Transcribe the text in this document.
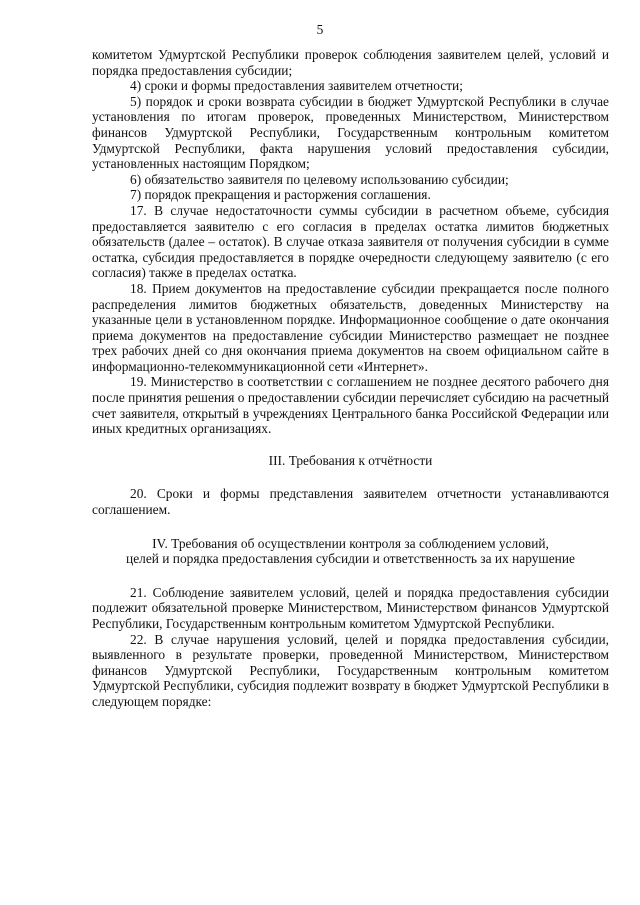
5

комитетом Удмуртской Республики проверок соблюдения заявителем целей, условий и порядка предоставления субсидии;

4) сроки и формы предоставления заявителем отчетности;

5) порядок и сроки возврата субсидии в бюджет Удмуртской Республики в случае установления по итогам проверок, проведенных Министерством, Министерством финансов Удмуртской Республики, Государственным контрольным комитетом Удмуртской Республики, факта нарушения условий предоставления субсидии, установленных настоящим Порядком;

6) обязательство заявителя по целевому использованию субсидии;

7) порядок прекращения и расторжения соглашения.

17. В случае недостаточности суммы субсидии в расчетном объеме, субсидия предоставляется заявителю с его согласия в пределах остатка лимитов бюджетных обязательств (далее – остаток). В случае отказа заявителя от получения субсидии в сумме остатка, субсидия предоставляется в порядке очередности следующему заявителю (с его согласия) также в пределах остатка.

18. Прием документов на предоставление субсидии прекращается после полного распределения лимитов бюджетных обязательств, доведенных Министерству на указанные цели в установленном порядке. Информационное сообщение о дате окончания приема документов на предоставление субсидии Министерство размещает не позднее трех рабочих дней со дня окончания приема документов на своем официальном сайте в информационно-телекоммуникационной сети «Интернет».

19. Министерство в соответствии с соглашением не позднее десятого рабочего дня после принятия решения о предоставлении субсидии перечисляет субсидию на расчетный счет заявителя, открытый в учреждениях Центрального банка Российской Федерации или иных кредитных организациях.

III. Требования к отчётности

20. Сроки и формы представления заявителем отчетности устанавливаются соглашением.

IV. Требования об осуществлении контроля за соблюдением условий,

целей и порядка предоставления субсидии и ответственность за их нарушение

21. Соблюдение заявителем условий, целей и порядка предоставления субсидии подлежит обязательной проверке Министерством, Министерством финансов Удмуртской Республики, Государственным контрольным комитетом Удмуртской Республики.

22. В случае нарушения условий, целей и порядка предоставления субсидии, выявленного в результате проверки, проведенной Министерством, Министерством финансов Удмуртской Республики, Государственным контрольным комитетом Удмуртской Республики, субсидия подлежит возврату в бюджет Удмуртской Республики в следующем порядке:
